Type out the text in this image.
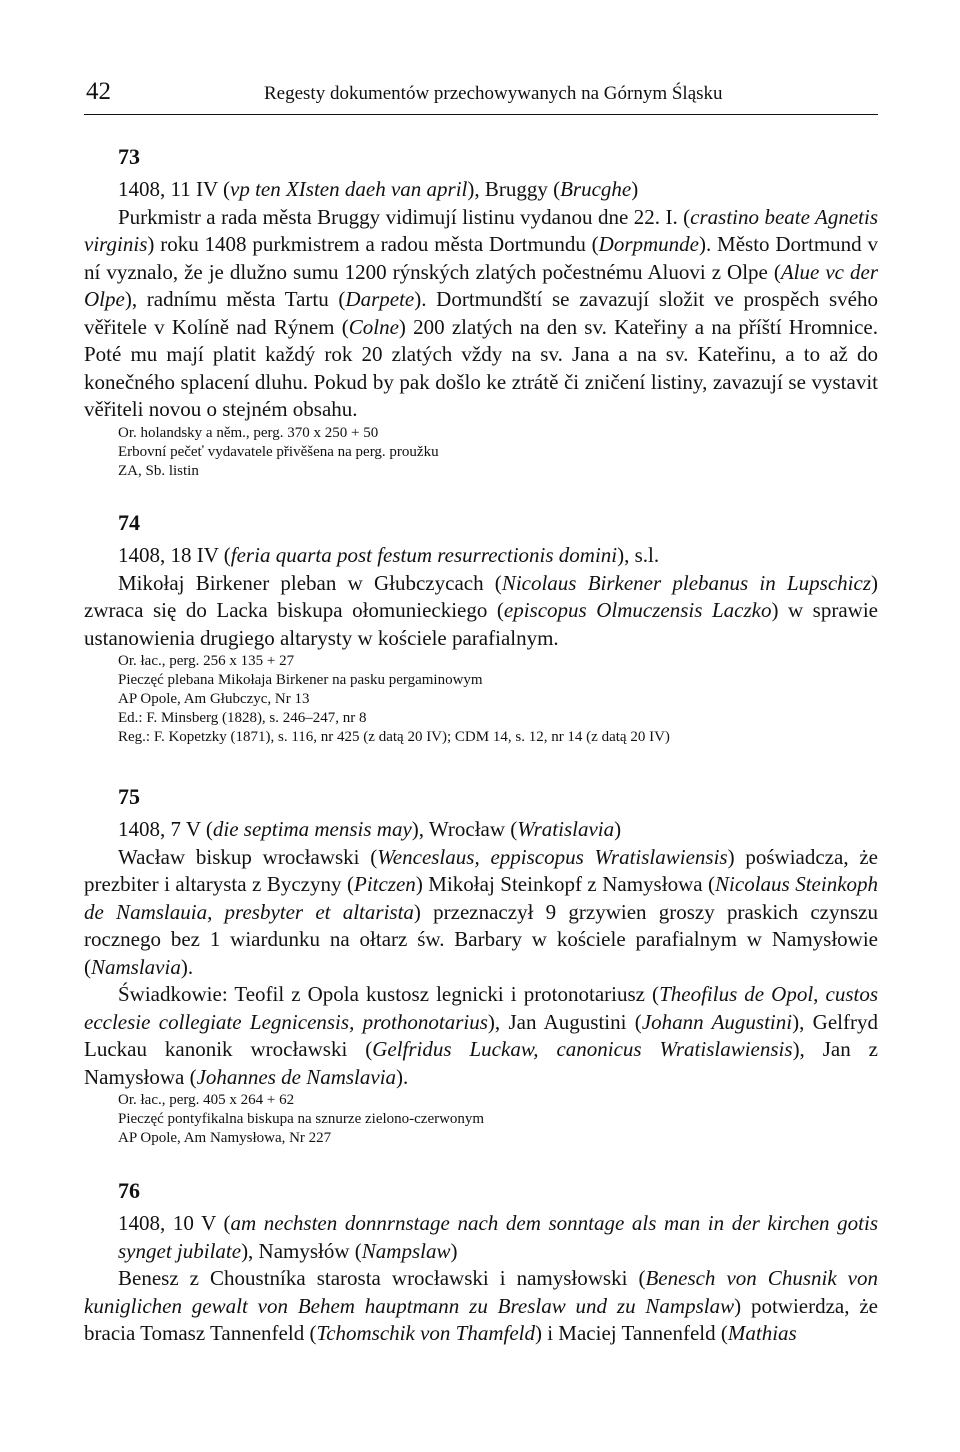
42	Regesty dokumentów przechowywanych na Górnym Śląsku
73

1408, 11 IV (vp ten XIsten daeh van april), Bruggy (Brucghe)

Purkmistr a rada města Bruggy vidimují listinu vydanou dne 22. I. (crastino beate Agnetis virginis) roku 1408 purkmistrem a radou města Dortmundu (Dorpmunde). Město Dortmund v ní vyznalo, že je dlužno sumu 1200 rýnských zlatých počestnému Aluovi z Olpe (Alue vc der Olpe), radnímu města Tartu (Darpete). Dortmundští se zavazují složit ve prospěch svého věřitele v Kolíně nad Rýnem (Colne) 200 zlatých na den sv. Kateřiny a na příští Hromnice. Poté mu mají platit každý rok 20 zlatých vždy na sv. Jana a na sv. Kateřinu, a to až do konečného splacení dluhu. Pokud by pak došlo ke ztrátě či zničení listiny, zavazují se vystavit věřiteli novou o stejném obsahu.

Or. holandsky a něm., perg. 370 x 250 + 50
Erbovní pečeť vydavatele přivěšena na perg. proužku
ZA, Sb. listin
74

1408, 18 IV (feria quarta post festum resurrectionis domini), s.l.

Mikołaj Birkener pleban w Głubczycach (Nicolaus Birkener plebanus in Lupschicz) zwraca się do Lacka biskupa ołomunieckiego (episcopus Olmuczensis Laczko) w sprawie ustanowienia drugiego altarysty w kościele parafialnym.

Or. łac., perg. 256 x 135 + 27
Pieczęć plebana Mikołaja Birkener na pasku pergaminowym
AP Opole, Am Głubczyc, Nr 13
Ed.: F. Minsberg (1828), s. 246–247, nr 8
Reg.: F. Kopetzky (1871), s. 116, nr 425 (z datą 20 IV); CDM 14, s. 12, nr 14 (z datą 20 IV)
75

1408, 7 V (die septima mensis may), Wrocław (Wratislavia)

Wacław biskup wrocławski (Wenceslaus, eppiscopus Wratislawiensis) poświadcza, że prezbiter i altarysta z Byczyny (Pitczen) Mikołaj Steinkopf z Namysłowa (Nicolaus Steinkoph de Namslauia, presbyter et altarista) przeznaczył 9 grzywien groszy praskich czynszu rocznego bez 1 wiardunku na ołtarz św. Barbary w kościele parafialnym w Namysłowie (Namslavia).

Świadkowie: Teofil z Opola kustosz legnicki i protonotariusz (Theofilus de Opol, custos ecclesie collegiate Legnicensis, prothonotarius), Jan Augustini (Johann Augustini), Gelfryd Luckau kanonik wrocławski (Gelfridus Luckaw, canonicus Wratislawiensis), Jan z Namysłowa (Johannes de Namslavia).

Or. łac., perg. 405 x 264 + 62
Pieczęć pontyfikalna biskupa na sznurze zielono-czerwonym
AP Opole, Am Namysłowa, Nr 227
76

1408, 10 V (am nechsten donnrnstage nach dem sonntage als man in der kirchen gotis synget jubilate), Namysłów (Nampslaw)

Benesz z Choustníka starosta wrocławski i namysłowski (Benesch von Chusnik von kuniglichen gewalt von Behem hauptmann zu Breslaw und zu Nampslaw) potwierdza, że bracia Tomasz Tannenfeld (Tchomschik von Thamfeld) i Maciej Tannenfeld (Mathias
